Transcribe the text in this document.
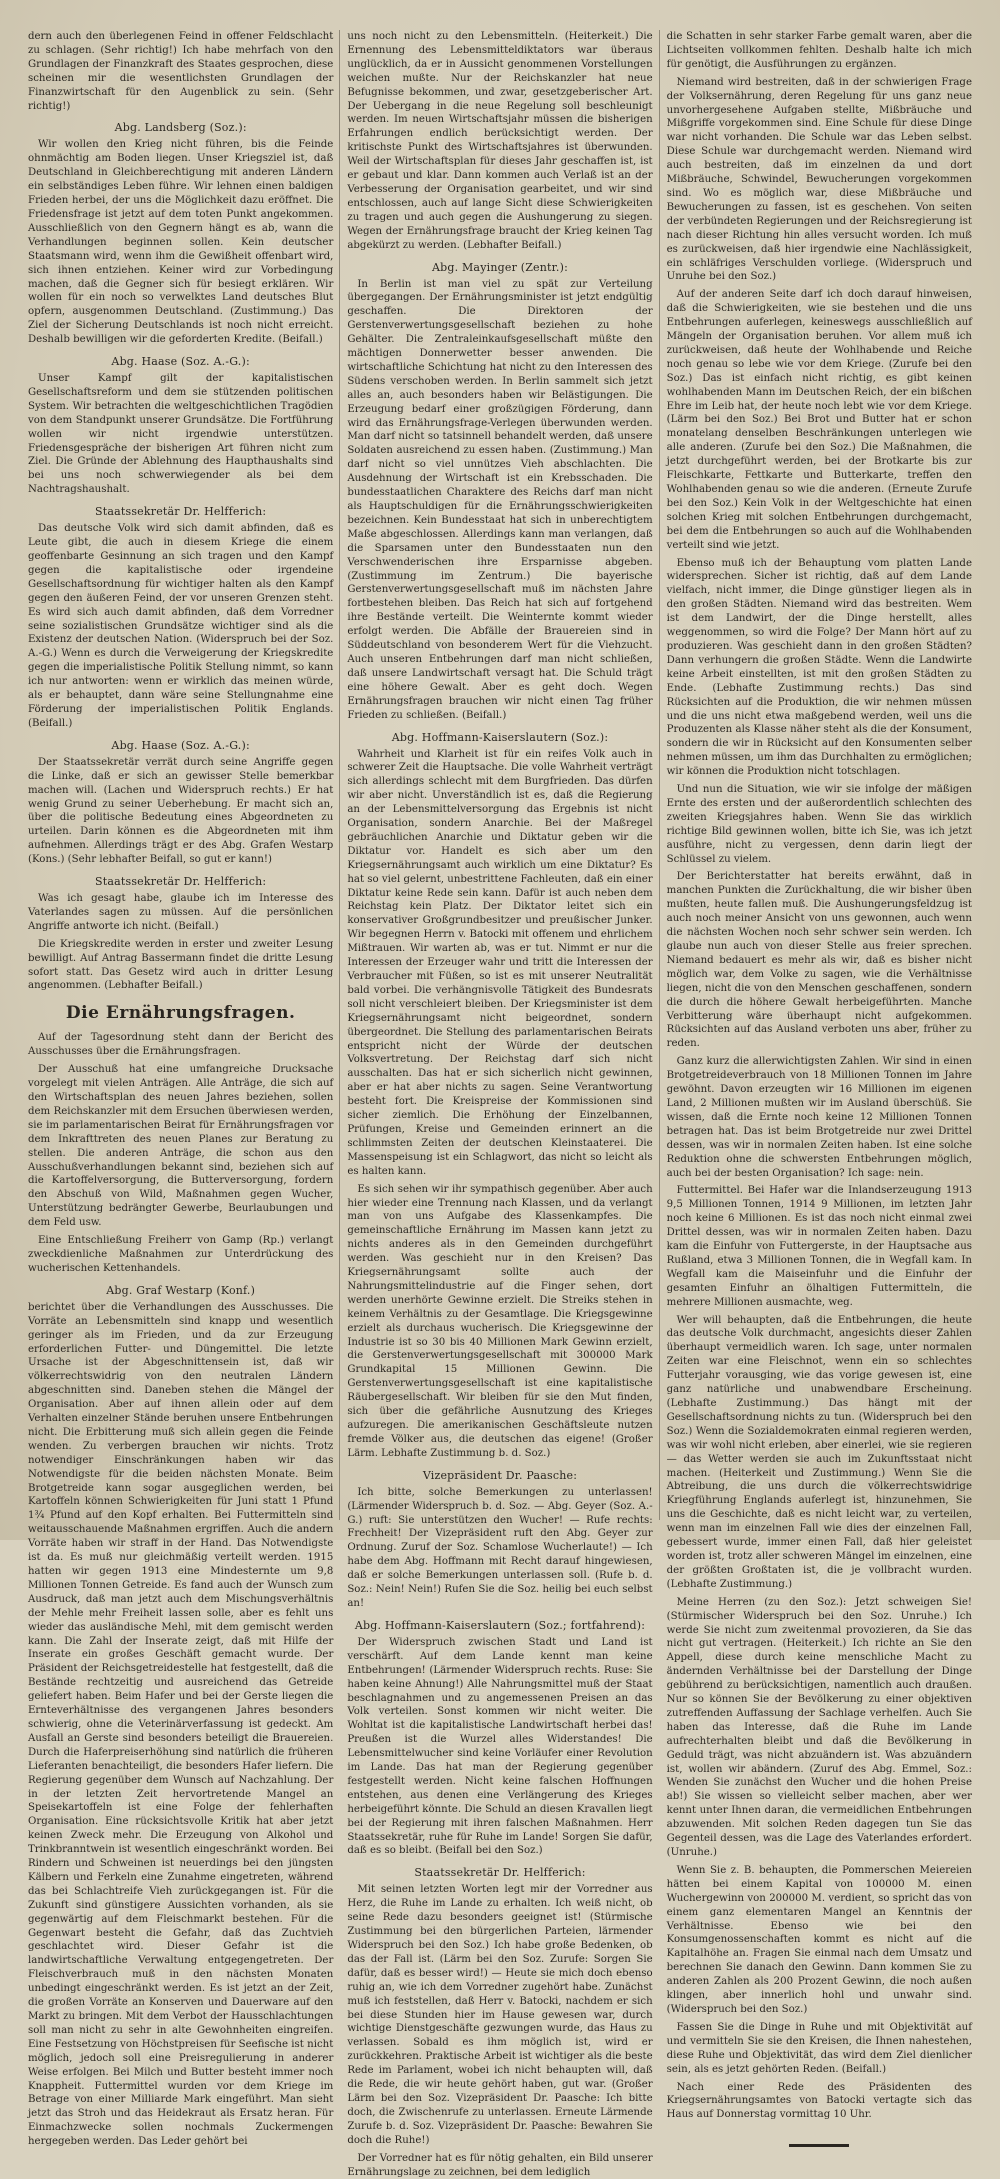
dern auch den überlegenen Feind in offener Feldschlacht zu schlagen. (Sehr richtig!) Ich habe mehrfach von den Grundlagen der Finanzkraft des Staates gesprochen, diese scheinen mir die wesentlichsten Grundlagen der Finanzwirtschaft für den Augenblick zu sein. (Sehr richtig!)

Abg. Landsberg (Soz.):

Wir wollen den Krieg nicht führen, bis die Feinde ohnmächtig am Boden liegen. Unser Kriegsziel ist, daß Deutschland in Gleichberechtigung mit anderen Ländern ein selbständiges Leben führe. Wir lehnen einen baldigen Frieden herbei, der uns die Möglichkeit dazu eröffnet. Die Friedensfrage ist jetzt auf dem toten Punkt angekommen. Ausschließlich von den Gegnern hängt es ab, wann die Verhandlungen beginnen sollen. Kein deutscher Staatsmann wird, wenn ihm die Gewißheit offenbart wird, sich ihnen entziehen. Keiner wird zur Vorbedingung machen, daß die Gegner sich für besiegt erklären. Wir wollen für ein noch so verwelktes Land deutsches Blut opfern, ausgenommen Deutschland. (Zustimmung.) Das Ziel der Sicherung Deutschlands ist noch nicht erreicht. Deshalb bewilligen wir die geforderten Kredite. (Beifall.)

Abg. Haase (Soz. A.-G.):

Unser Kampf gilt der kapitalistischen Gesellschaftsreform und dem sie stützenden politischen System. Wir betrachten die weltgeschichtlichen Tragödien von dem Standpunkt unserer Grundsätze. Die Fortführung wollen wir nicht irgendwie unterstützen. Friedensgespräche der bisherigen Art führen nicht zum Ziel. Die Gründe der Ablehnung des Haupthaushalts sind bei uns noch schwerwiegender als bei dem Nachtragshaushalt.

Staatssekretär Dr. Helfferich:

Das deutsche Volk wird sich damit abfinden, daß es Leute gibt, die auch in diesem Kriege die einem geoffenbarte Gesinnung an sich tragen und den Kampf gegen die kapitalistische oder irgendeine Gesellschaftsordnung für wichtiger halten als den Kampf gegen den äußeren Feind, der vor unseren Grenzen steht. Es wird sich auch damit abfinden, daß dem Vorredner seine sozialistischen Grundsätze wichtiger sind als die Existenz der deutschen Nation. (Widerspruch bei der Soz. A.-G.) Wenn es durch die Verweigerung der Kriegskredite gegen die imperialistische Politik Stellung nimmt, so kann ich nur antworten: wenn er wirklich das meinen würde, als er behauptet, dann wäre seine Stellungnahme eine Förderung der imperialistischen Politik Englands. (Beifall.)

Abg. Haase (Soz. A.-G.):

Der Staatssekretär verrät durch seine Angriffe gegen die Linke, daß er sich an gewisser Stelle bemerkbar machen will. (Lachen und Widerspruch rechts.) Er hat wenig Grund zu seiner Ueberhebung. Er macht sich an, über die politische Bedeutung eines Abgeordneten zu urteilen. Darin können es die Abgeordneten mit ihm aufnehmen. Allerdings trägt er des Abg. Grafen Westarp (Kons.) (Sehr lebhafter Beifall, so gut er kann!)

Staatssekretär Dr. Helfferich:

Was ich gesagt habe, glaube ich im Interesse des Vaterlandes sagen zu müssen. Auf die persönlichen Angriffe antworte ich nicht. (Beifall.)

Die Kriegskredite werden in erster und zweiter Lesung bewilligt. Auf Antrag Bassermann findet die dritte Lesung sofort statt. Das Gesetz wird auch in dritter Lesung angenommen. (Lebhafter Beifall.)

Die Ernährungsfragen.

Auf der Tagesordnung steht dann der Bericht des Ausschusses über die Ernährungsfragen.

Der Ausschuß hat eine umfangreiche Drucksache vorgelegt mit vielen Anträgen. Alle Anträge, die sich auf den Wirtschaftsplan des neuen Jahres beziehen, sollen dem Reichskanzler mit dem Ersuchen überwiesen werden, sie im parlamentarischen Beirat für Ernährungsfragen vor dem Inkrafttreten des neuen Planes zur Beratung zu stellen. Die anderen Anträge, die schon aus den Ausschußverhandlungen bekannt sind, beziehen sich auf die Kartoffelversorgung, die Butterversorgung, fordern den Abschuß von Wild, Maßnahmen gegen Wucher, Unterstützung bedrängter Gewerbe, Beurlaubungen und dem Feld usw.

Eine Entschließung Freiherr von Gamp (Rp.) verlangt zweckdienliche Maßnahmen zur Unterdrückung des wucherischen Kettenhandels.

Abg. Graf Westarp (Konf.)

berichtet über die Verhandlungen des Ausschusses. Die Vorräte an Lebensmitteln sind knapp und wesentlich geringer als im Frieden, und da zur Erzeugung erforderlichen Futter- und Düngemittel. Die letzte Ursache ist der Abgeschnittensein ist, daß wir völkerrechtswidrig von den neutralen Ländern abgeschnitten sind. Daneben stehen die Mängel der Organisation. Aber auf ihnen allein oder auf dem Verhalten einzelner Stände beruhen unsere Entbehrungen nicht. Die Erbitterung muß sich allein gegen die Feinde wenden. Zu verbergen brauchen wir nichts. Trotz notwendiger Einschränkungen haben wir das Notwendigste für die beiden nächsten Monate. Beim Brotgetreide kann sogar ausgeglichen werden, bei Kartoffeln können Schwierigkeiten für Juni statt 1 Pfund 1¾ Pfund auf den Kopf erhalten. Bei Futtermitteln sind weitausschauende Maßnahmen ergriffen. Auch die andern Vorräte haben wir straff in der Hand. Das Notwendigste ist da. Es muß nur gleichmäßig verteilt werden. 1915 hatten wir gegen 1913 eine Mindesternte um 9,8 Millionen Tonnen Getreide. Es fand auch der Wunsch zum Ausdruck, daß man jetzt auch dem Mischungsverhältnis der Mehle mehr Freiheit lassen solle, aber es fehlt uns wieder das ausländische Mehl, mit dem gemischt werden kann. Die Zahl der Inserate zeigt, daß mit Hilfe der Inserate ein großes Geschäft gemacht wurde. Der Präsident der Reichsgetreidestelle hat festgestellt, daß die Bestände rechtzeitig und ausreichend das Getreide geliefert haben. Beim Hafer und bei der Gerste liegen die Ernteverhältnisse des vergangenen Jahres besonders schwierig, ohne die Veterinärverfassung ist gedeckt. Am Ausfall an Gerste sind besonders beteiligt die Brauereien. Durch die Haferpreiserhöhung sind natürlich die früheren Lieferanten benachteiligt, die besonders Hafer liefern. Die Regierung gegenüber dem Wunsch auf Nachzahlung. Der in der letzten Zeit hervortretende Mangel an Speisekartoffeln ist eine Folge der fehlerhaften Organisation. Eine rücksichtsvolle Kritik hat aber jetzt keinen Zweck mehr. Die Erzeugung von Alkohol und Trinkbranntwein ist wesentlich eingeschränkt worden. Bei Rindern und Schweinen ist neuerdings bei den jüngsten Kälbern und Ferkeln eine Zunahme eingetreten, während das bei Schlachtreife Vieh zurückgegangen ist. Für die Zukunft sind günstigere Aussichten vorhanden, als sie gegenwärtig auf dem Fleischmarkt bestehen. Für die Gegenwart besteht die Gefahr, daß das Zuchtvieh geschlachtet wird. Dieser Gefahr ist die landwirtschaftliche Verwaltung entgegengetreten. Der Fleischverbrauch muß in den nächsten Monaten unbedingt eingeschränkt werden. Es ist jetzt an der Zeit, die großen Vorräte an Konserven und Dauerware auf den Markt zu bringen. Mit dem Verbot der Hausschlachtungen soll man nicht zu sehr in alte Gewohnheiten eingreifen. Eine Festsetzung von Höchstpreisen für Seefische ist nicht möglich, jedoch soll eine Preisregulierung in anderer Weise erfolgen. Bei Milch und Butter besteht immer noch Knappheit. Futtermittel wurden vor dem Kriege im Betrage von einer Milliarde Mark eingeführt. Man sieht jetzt das Stroh und das Heidekraut als Ersatz heran. Für Einmachzwecke sollen nochmals Zuckermengen hergegeben werden. Das Leder gehört bei

uns noch nicht zu den Lebensmitteln. (Heiterkeit.) Die Ernennung des Lebensmitteldiktators war überaus unglücklich, da er in Aussicht genommenen Vorstellungen weichen mußte. Nur der Reichskanzler hat neue Befugnisse bekommen, und zwar, gesetzgeberischer Art. Der Uebergang in die neue Regelung soll beschleunigt werden. Im neuen Wirtschaftsjahr müssen die bisherigen Erfahrungen endlich berücksichtigt werden. Der kritischste Punkt des Wirtschaftsjahres ist überwunden. Weil der Wirtschaftsplan für dieses Jahr geschaffen ist, ist er gebaut und klar. Dann kommen auch Verlaß ist an der Verbesserung der Organisation gearbeitet, und wir sind entschlossen, auch auf lange Sicht diese Schwierigkeiten zu tragen und auch gegen die Aushungerung zu siegen. Wegen der Ernährungsfrage braucht der Krieg keinen Tag abgekürzt zu werden. (Lebhafter Beifall.)

Abg. Mayinger (Zentr.):

In Berlin ist man viel zu spät zur Verteilung übergegangen. Der Ernährungsminister ist jetzt endgültig geschaffen. Die Direktoren der Gerstenverwertungsgesellschaft beziehen zu hohe Gehälter. Die Zentraleinkaufsgesellschaft müßte den mächtigen Donnerwetter besser anwenden. Die wirtschaftliche Schichtung hat nicht zu den Interessen des Südens verschoben werden. In Berlin sammelt sich jetzt alles an, auch besonders haben wir Belästigungen. Die Erzeugung bedarf einer großzügigen Förderung, dann wird das Ernährungsfrage-Verlegen überwunden werden. Man darf nicht so tatsinnell behandelt werden, daß unsere Soldaten ausreichend zu essen haben. (Zustimmung.) Man darf nicht so viel unnützes Vieh abschlachten. Die Ausdehnung der Wirtschaft ist ein Krebsschaden. Die bundesstaatlichen Charaktere des Reichs darf man nicht als Hauptschuldigen für die Ernährungsschwierigkeiten bezeichnen. Kein Bundesstaat hat sich in unberechtigtem Maße abgeschlossen. Allerdings kann man verlangen, daß die Sparsamen unter den Bundesstaaten nun den Verschwenderischen ihre Ersparnisse abgeben. (Zustimmung im Zentrum.) Die bayerische Gerstenverwertungsgesellschaft muß im nächsten Jahre fortbestehen bleiben. Das Reich hat sich auf fortgehend ihre Bestände verteilt. Die Weinternte kommt wieder erfolgt werden. Die Abfälle der Brauereien sind in Süddeutschland von besonderem Wert für die Viehzucht. Auch unseren Entbehrungen darf man nicht schließen, daß unsere Landwirtschaft versagt hat. Die Schuld trägt eine höhere Gewalt. Aber es geht doch. Wegen Ernährungsfragen brauchen wir nicht einen Tag früher Frieden zu schließen. (Beifall.)

Abg. Hoffmann-Kaiserslautern (Soz.):

Wahrheit und Klarheit ist für ein reifes Volk auch in schwerer Zeit die Hauptsache. Die volle Wahrheit verträgt sich allerdings schlecht mit dem Burgfrieden. Das dürfen wir aber nicht. Unverständlich ist es, daß die Regierung an der Lebensmittelversorgung das Ergebnis ist nicht Organisation, sondern Anarchie. Bei der Maßregel gebräuchlichen Anarchie und Diktatur geben wir die Diktatur vor. Handelt es sich aber um den Kriegsernährungsamt auch wirklich um eine Diktatur? Es hat so viel gelernt, unbestrittene Fachleuten, daß ein einer Diktatur keine Rede sein kann. Dafür ist auch neben dem Reichstag kein Platz. Der Diktator leitet sich ein konservativer Großgrundbesitzer und preußischer Junker. Wir begegnen Herrn v. Batocki mit offenem und ehrlichem Mißtrauen. Wir warten ab, was er tut. Nimmt er nur die Interessen der Erzeuger wahr und tritt die Interessen der Verbraucher mit Füßen, so ist es mit unserer Neutralität bald vorbei. Die verhängnisvolle Tätigkeit des Bundesrats soll nicht verschleiert bleiben. Der Kriegsminister ist dem Kriegsernährungsamt nicht beigeordnet, sondern übergeordnet. Die Stellung des parlamentarischen Beirats entspricht nicht der Würde der deutschen Volksvertretung. Der Reichstag darf sich nicht ausschalten. Das hat er sich sicherlich nicht gewinnen, aber er hat aber nichts zu sagen. Seine Verantwortung besteht fort. Die Kreispreise der Kommissionen sind sicher ziemlich. Die Erhöhung der Einzelbannen, Prüfungen, Kreise und Gemeinden erinnert an die schlimmsten Zeiten der deutschen Kleinstaaterei. Die Massenspeisung ist ein Schlagwort, das nicht so leicht als es halten kann.

Es sich sehen wir ihr sympathisch gegenüber. Aber auch hier wieder eine Trennung nach Klassen, und da verlangt man von uns Aufgabe des Klassenkampfes. Die gemeinschaftliche Ernährung im Massen kann jetzt zu nichts anderes als in den Gemeinden durchgeführt werden. Was geschieht nur in den Kreisen? Das Kriegsernährungsamt sollte auch der Nahrungsmittelindustrie auf die Finger sehen, dort werden unerhörte Gewinne erzielt. Die Streiks stehen in keinem Verhältnis zu der Gesamtlage. Die Kriegsgewinne erzielt als durchaus wucherisch. Die Kriegsgewinne der Industrie ist so 30 bis 40 Millionen Mark Gewinn erzielt, die Gerstenverwertungsgesellschaft mit 300000 Mark Grundkapital 15 Millionen Gewinn. Die Gerstenverwertungsgesellschaft ist eine kapitalistische Räubergesellschaft. Wir bleiben für sie den Mut finden, sich über die gefährliche Ausnutzung des Krieges aufzuregen. Die amerikanischen Geschäftsleute nutzen fremde Völker aus, die deutschen das eigene! (Großer Lärm. Lebhafte Zustimmung b. d. Soz.)

Vizepräsident Dr. Paasche:

Ich bitte, solche Bemerkungen zu unterlassen! (Lärmender Widerspruch b. d. Soz. — Abg. Geyer (Soz. A.-G.) ruft: Sie unterstützen den Wucher! — Rufe rechts: Frechheit! Der Vizepräsident ruft den Abg. Geyer zur Ordnung. Zuruf der Soz. Schamlose Wucherlaute!) — Ich habe dem Abg. Hoffmann mit Recht darauf hingewiesen, daß er solche Bemerkungen unterlassen soll. (Rufe b. d. Soz.: Nein! Nein!) Rufen Sie die Soz. heilig bei euch selbst an!

Abg. Hoffmann-Kaiserslautern (Soz.; fortfahrend):

Der Widerspruch zwischen Stadt und Land ist verschärft. Auf dem Lande kennt man keine Entbehrungen! (Lärmender Widerspruch rechts. Ruse: Sie haben keine Ahnung!) Alle Nahrungsmittel muß der Staat beschlagnahmen und zu angemessenen Preisen an das Volk verteilen. Sonst kommen wir nicht weiter. Die Wohltat ist die kapitalistische Landwirtschaft herbei das! Preußen ist die Wurzel alles Widerstandes! Die Lebensmittelwucher sind keine Vorläufer einer Revolution im Lande. Das hat man der Regierung gegenüber festgestellt werden. Nicht keine falschen Hoffnungen entstehen, aus denen eine Verlängerung des Krieges herbeigeführt könnte. Die Schuld an diesen Kravallen liegt bei der Regierung mit ihren falschen Maßnahmen. Herr Staatssekretär, ruhe für Ruhe im Lande! Sorgen Sie dafür, daß es so bleibt. (Beifall bei den Soz.)

Staatssekretär Dr. Helfferich:

Mit seinen letzten Worten legt mir der Vorredner aus Herz, die Ruhe im Lande zu erhalten. Ich weiß nicht, ob seine Rede dazu besonders geeignet ist! (Stürmische Zustimmung bei den bürgerlichen Parteien, lärmender Widerspruch bei den Soz.) Ich habe große Bedenken, ob das der Fall ist. (Lärm bei den Soz. Zurufe: Sorgen Sie dafür, daß es besser wird!) — Heute sie mich doch ebenso ruhig an, wie ich dem Vorredner zugehört habe. Zunächst muß ich feststellen, daß Herr v. Batocki, nachdem er sich bei diese Stunden hier im Hause gewesen war, durch wichtige Dienstgeschäfte gezwungen wurde, das Haus zu verlassen. Sobald es ihm möglich ist, wird er zurückkehren. Praktische Arbeit ist wichtiger als die beste Rede im Parlament, wobei ich nicht behaupten will, daß die Rede, die wir heute gehört haben, gut war. (Großer Lärm bei den Soz. Vizepräsident Dr. Paasche: Ich bitte doch, die Zwischenrufe zu unterlassen. Erneute Lärmende Zurufe b. d. Soz. Vizepräsident Dr. Paasche: Bewahren Sie doch die Ruhe!)

Der Vorredner hat es für nötig gehalten, ein Bild unserer Ernährungslage zu zeichnen, bei dem lediglich

die Schatten in sehr starker Farbe gemalt waren, aber die Lichtseiten vollkommen fehlten. Deshalb halte ich mich für genötigt, die Ausführungen zu ergänzen.

Niemand wird bestreiten, daß in der schwierigen Frage der Volksernährung, deren Regelung für uns ganz neue unvorhergesehene Aufgaben stellte, Mißbräuche und Mißgriffe vorgekommen sind. Eine Schule für diese Dinge war nicht vorhanden. Die Schule war das Leben selbst. Diese Schule war durchgemacht werden. Niemand wird auch bestreiten, daß im einzelnen da und dort Mißbräuche, Schwindel, Bewucherungen vorgekommen sind. Wo es möglich war, diese Mißbräuche und Bewucherungen zu fassen, ist es geschehen. Von seiten der verbündeten Regierungen und der Reichsregierung ist nach dieser Richtung hin alles versucht worden. Ich muß es zurückweisen, daß hier irgendwie eine Nachlässigkeit, ein schläfriges Verschulden vorliege. (Widerspruch und Unruhe bei den Soz.)

Auf der anderen Seite darf ich doch darauf hinweisen, daß die Schwierigkeiten, wie sie bestehen und die uns Entbehrungen auferlegen, keineswegs ausschließlich auf Mängeln der Organisation beruhen. Vor allem muß ich zurückweisen, daß heute der Wohlhabende und Reiche noch genau so lebe wie vor dem Kriege. (Zurufe bei den Soz.) Das ist einfach nicht richtig, es gibt keinen wohlhabenden Mann im Deutschen Reich, der ein bißchen Ehre im Leib hat, der heute noch lebt wie vor dem Kriege. (Lärm bei den Soz.) Bei Brot und Butter hat er schon monatelang denselben Beschränkungen unterlegen wie alle anderen. (Zurufe bei den Soz.) Die Maßnahmen, die jetzt durchgeführt werden, bei der Brotkarte bis zur Fleischkarte, Fettkarte und Butterkarte, treffen den Wohlhabenden genau so wie die anderen. (Erneute Zurufe bei den Soz.) Kein Volk in der Weltgeschichte hat einen solchen Krieg mit solchen Entbehrungen durchgemacht, bei dem die Entbehrungen so auch auf die Wohlhabenden verteilt sind wie jetzt.

Ebenso muß ich der Behauptung vom platten Lande widersprechen. Sicher ist richtig, daß auf dem Lande vielfach, nicht immer, die Dinge günstiger liegen als in den großen Städten. Niemand wird das bestreiten. Wem ist dem Landwirt, der die Dinge herstellt, alles weggenommen, so wird die Folge? Der Mann hört auf zu produzieren. Was geschieht dann in den großen Städten? Dann verhungern die großen Städte. Wenn die Landwirte keine Arbeit einstellten, ist mit den großen Städten zu Ende. (Lebhafte Zustimmung rechts.) Das sind Rücksichten auf die Produktion, die wir nehmen müssen und die uns nicht etwa maßgebend werden, weil uns die Produzenten als Klasse näher steht als die der Konsument, sondern die wir in Rücksicht auf den Konsumenten selber nehmen müssen, um ihm das Durchhalten zu ermöglichen; wir können die Produktion nicht totschlagen.

Und nun die Situation, wie wir sie infolge der mäßigen Ernte des ersten und der außerordentlich schlechten des zweiten Kriegsjahres haben. Wenn Sie das wirklich richtige Bild gewinnen wollen, bitte ich Sie, was ich jetzt ausführe, nicht zu vergessen, denn darin liegt der Schlüssel zu vielem.

Der Berichterstatter hat bereits erwähnt, daß in manchen Punkten die Zurückhaltung, die wir bisher üben mußten, heute fallen muß. Die Aushungerungsfeldzug ist auch noch meiner Ansicht von uns gewonnen, auch wenn die nächsten Wochen noch sehr schwer sein werden. Ich glaube nun auch von dieser Stelle aus freier sprechen. Niemand bedauert es mehr als wir, daß es bisher nicht möglich war, dem Volke zu sagen, wie die Verhältnisse liegen, nicht die von den Menschen geschaffenen, sondern die durch die höhere Gewalt herbeigeführten. Manche Verbitterung wäre überhaupt nicht aufgekommen. Rücksichten auf das Ausland verboten uns aber, früher zu reden.

Ganz kurz die allerwichtigsten Zahlen. Wir sind in einen Brotgetreideverbrauch von 18 Millionen Tonnen im Jahre gewöhnt. Davon erzeugten wir 16 Millionen im eigenen Land, 2 Millionen mußten wir im Ausland überschüß. Sie wissen, daß die Ernte noch keine 12 Millionen Tonnen betragen hat. Das ist beim Brotgetreide nur zwei Drittel dessen, was wir in normalen Zeiten haben. Ist eine solche Reduktion ohne die schwersten Entbehrungen möglich, auch bei der besten Organisation? Ich sage: nein.

Futtermittel. Bei Hafer war die Inlandserzeugung 1913 9,5 Millionen Tonnen, 1914 9 Millionen, im letzten Jahr noch keine 6 Millionen. Es ist das noch nicht einmal zwei Drittel dessen, was wir in normalen Zeiten haben. Dazu kam die Einfuhr von Futtergerste, in der Hauptsache aus Rußland, etwa 3 Millionen Tonnen, die in Wegfall kam. In Wegfall kam die Maiseinfuhr und die Einfuhr der gesamten Einfuhr an ölhaltigen Futtermitteln, die mehrere Millionen ausmachte, weg.

Wer will behaupten, daß die Entbehrungen, die heute das deutsche Volk durchmacht, angesichts dieser Zahlen überhaupt vermeidlich waren. Ich sage, unter normalen Zeiten war eine Fleischnot, wenn ein so schlechtes Futterjahr vorausging, wie das vorige gewesen ist, eine ganz natürliche und unabwendbare Erscheinung. (Lebhafte Zustimmung.) Das hängt mit der Gesellschaftsordnung nichts zu tun. (Widerspruch bei den Soz.) Wenn die Sozialdemokraten einmal regieren werden, was wir wohl nicht erleben, aber einerlei, wie sie regieren — das Wetter werden sie auch im Zukunftsstaat nicht machen. (Heiterkeit und Zustimmung.) Wenn Sie die Abtreibung, die uns durch die völkerrechtswidrige Kriegführung Englands auferlegt ist, hinzunehmen, Sie uns die Geschichte, daß es nicht leicht war, zu verteilen, wenn man im einzelnen Fall wie dies der einzelnen Fall, gebessert wurde, immer einen Fall, daß hier geleistet worden ist, trotz aller schweren Mängel im einzelnen, eine der größten Großtaten ist, die je vollbracht wurden. (Lebhafte Zustimmung.)

Meine Herren (zu den Soz.): Jetzt schweigen Sie! (Stürmischer Widerspruch bei den Soz. Unruhe.) Ich werde Sie nicht zum zweitenmal provozieren, da Sie das nicht gut vertragen. (Heiterkeit.) Ich richte an Sie den Appell, diese durch keine menschliche Macht zu ändernden Verhältnisse bei der Darstellung der Dinge gebührend zu berücksichtigen, namentlich auch draußen. Nur so können Sie der Bevölkerung zu einer objektiven zutreffenden Auffassung der Sachlage verhelfen. Auch Sie haben das Interesse, daß die Ruhe im Lande aufrechterhalten bleibt und daß die Bevölkerung in Geduld trägt, was nicht abzuändern ist. Was abzuändern ist, wollen wir abändern. (Zuruf des Abg. Emmel, Soz.: Wenden Sie zunächst den Wucher und die hohen Preise ab!) Sie wissen so vielleicht selber machen, aber wer kennt unter Ihnen daran, die vermeidlichen Entbehrungen abzuwenden. Mit solchen Reden dagegen tun Sie das Gegenteil dessen, was die Lage des Vaterlandes erfordert. (Unruhe.)

Wenn Sie z. B. behaupten, die Pommerschen Meiereien hätten bei einem Kapital von 100000 M. einen Wuchergewinn von 200000 M. verdient, so spricht das von einem ganz elementaren Mangel an Kenntnis der Verhältnisse. Ebenso wie bei den Konsumgenossenschaften kommt es nicht auf die Kapitalhöhe an. Fragen Sie einmal nach dem Umsatz und berechnen Sie danach den Gewinn. Dann kommen Sie zu anderen Zahlen als 200 Prozent Gewinn, die noch außen klingen, aber innerlich hohl und unwahr sind. (Widerspruch bei den Soz.)

Fassen Sie die Dinge in Ruhe und mit Objektivität auf und vermitteln Sie sie den Kreisen, die Ihnen nahestehen, diese Ruhe und Objektivität, das wird dem Ziel dienlicher sein, als es jetzt gehörten Reden. (Beifall.)

Nach einer Rede des Präsidenten des Kriegsernährungsamtes von Batocki vertagte sich das Haus auf Donnerstag vormittag 10 Uhr.
